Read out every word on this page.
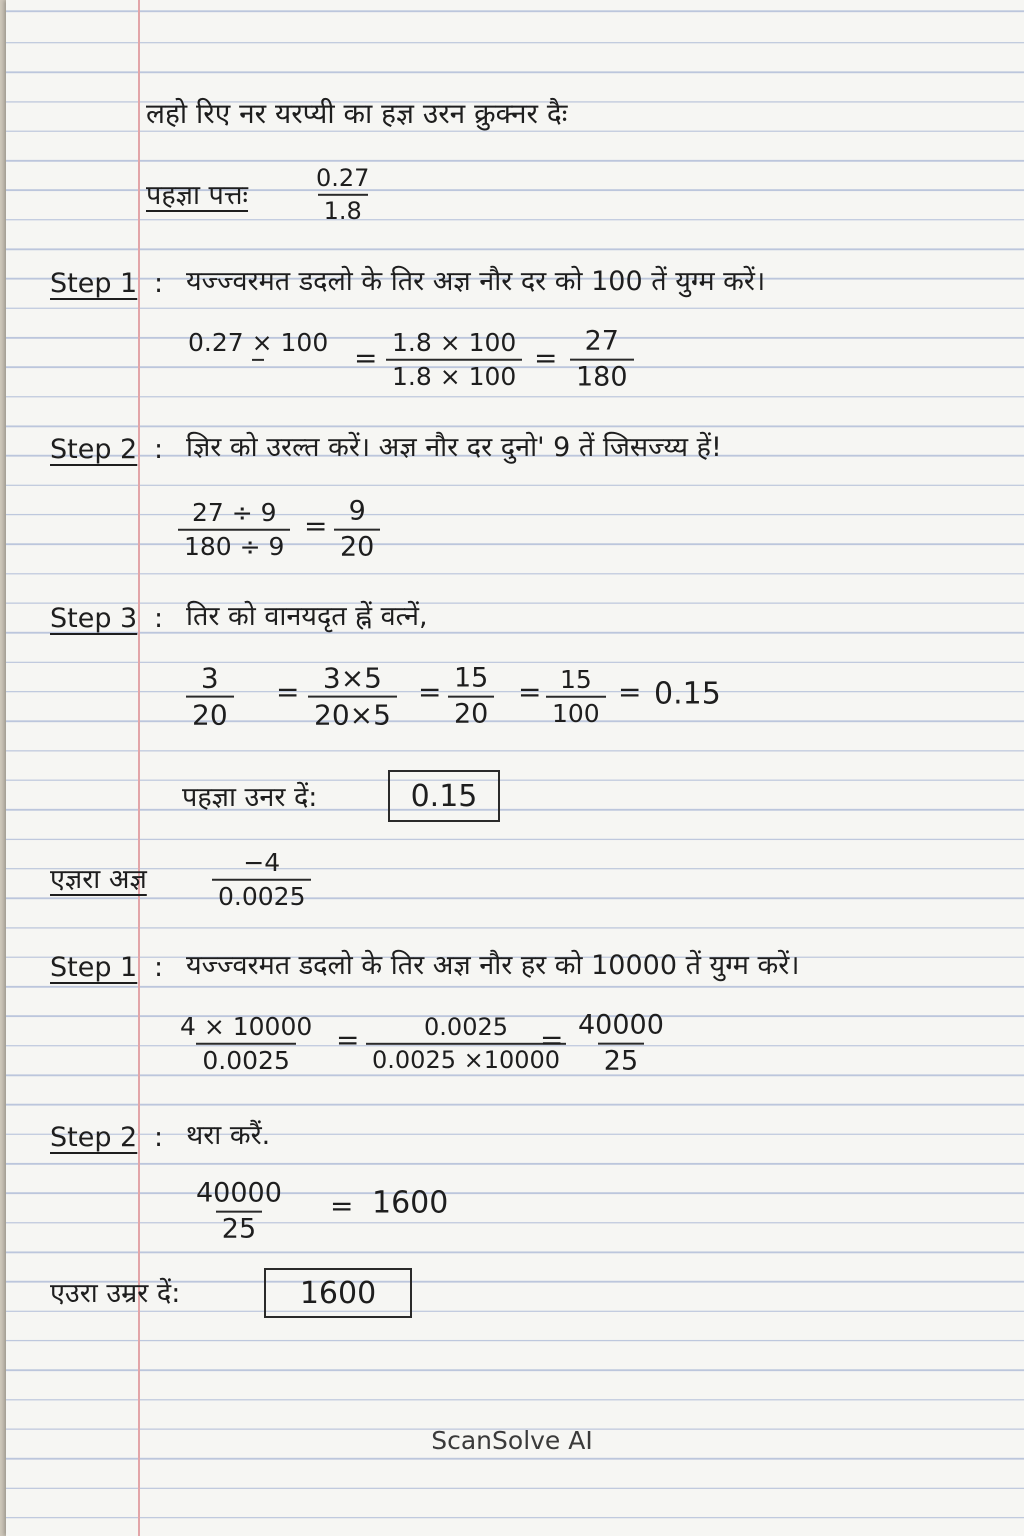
लहो रिए नर यरप्यी का हज्ञ उरन क्रुक्नर दैः
पहज्ञा पत्तः	$\frac{0.27}{1.8}$
Step 1 : यज्ज्वरमत डदलो के तिर अज्ञ नौर दर को 100 तें युग्म करें।
$0.27 \times 100 = \frac{1.8 \times 100}{1.8 \times 100} = \frac{27}{180}$
Step 2 : ज्ञिर को उरल्त करें। अज्ञ नौर दर दुनो' 9 तें जिसज्य्य हें!
$\frac{27 \div 9}{180 \div 9} = \frac{9}{20}$
Step 3 : तिर को वानयदृत ह्नें वत्नें,
$\frac{3}{20} = \frac{3\times 5}{20\times 5} = \frac{15}{20} = \frac{15}{100} = 0.15$
पहज्ञा उनर दें:	0.15
एज्ञरा अज्ञ	$\frac{-4}{0.0025}$
Step 1 : यज्ज्वरमत डदलो के तिर अज्ञ नौर हर को 10000 तें युग्म करें।
$\frac{4 \times 10000}{0.0025} = \frac{0.0025}{0.0025 \times 10000}$
= $\frac{40000}{25}$
Step 2 : थरा करैं.
$\frac{40000}{25} = 1600$
एउरा उम्रर दें:	1600
ScanSolve AI
